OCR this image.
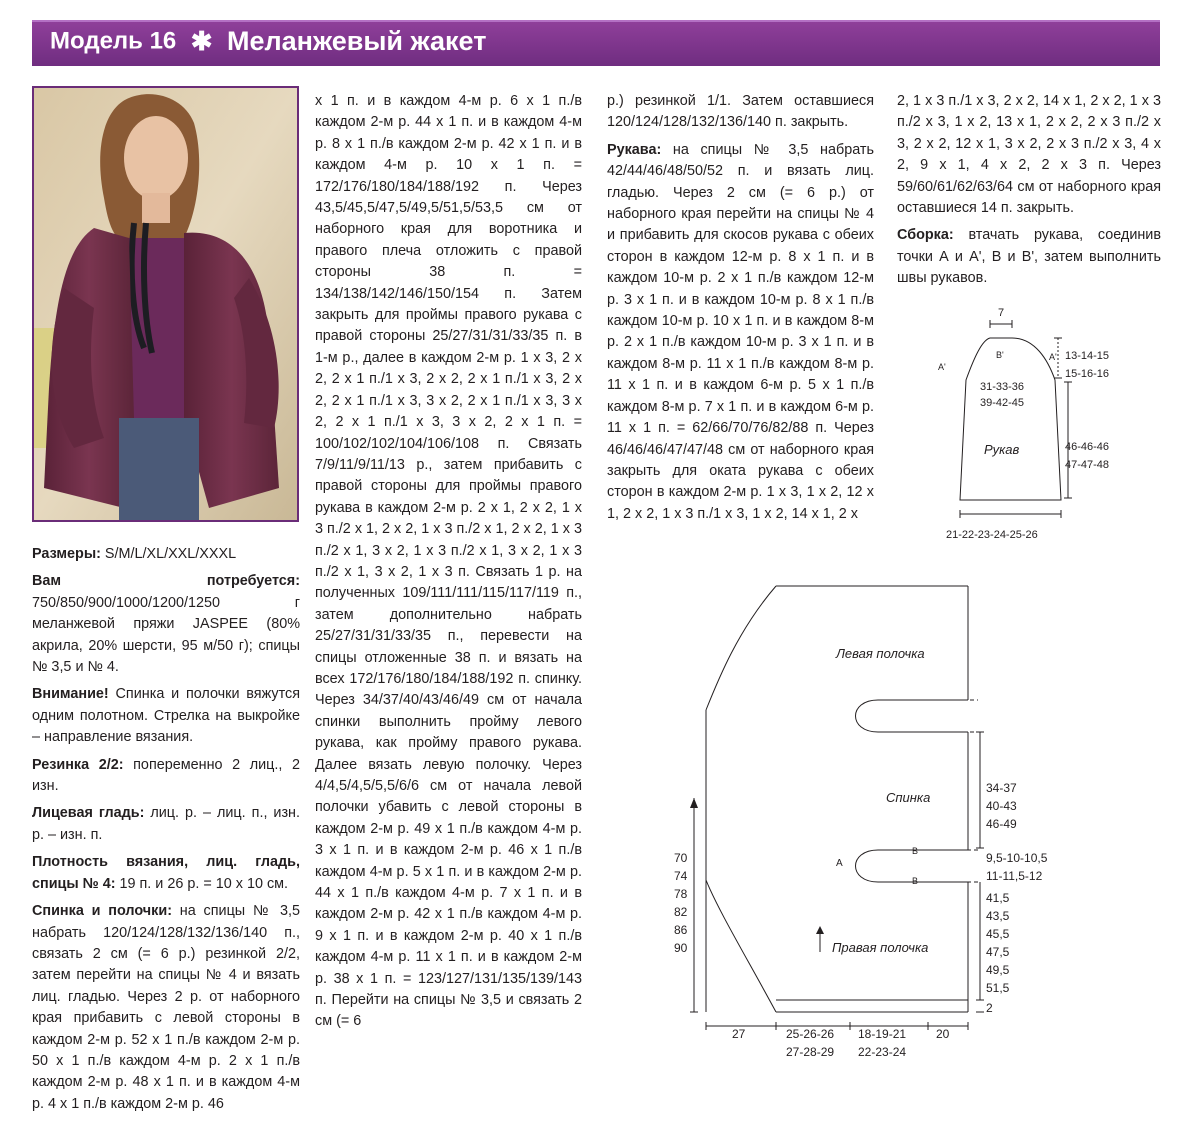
Модель 16 ✱ Меланжевый жакет

Размеры: S/M/L/XL/XXL/XXXL

Вам потребуется: 750/850/900/1000/1200/1250 г меланжевой пряжи JASPEE (80% акрила, 20% шерсти, 95 м/50 г); спицы № 3,5 и № 4.

Внимание! Спинка и полочки вяжутся одним полотном. Стрелка на выкройке – направление вязания.

Резинка 2/2: попеременно 2 лиц., 2 изн.

Лицевая гладь: лиц. р. – лиц. п., изн. р. – изн. п.

Плотность вязания, лиц. гладь, спицы № 4: 19 п. и 26 р. = 10 х 10 см.

Спинка и полочки: на спицы № 3,5 набрать 120/124/128/132/136/140 п., связать 2 см (= 6 р.) резинкой 2/2, затем перейти на спицы № 4 и вязать лиц. гладью. Через 2 р. от наборного края прибавить с левой стороны в каждом 2-м р. 52 х 1 п./в каждом 2-м р. 50 х 1 п./в каждом 4-м р. 2 х 1 п./в каждом 2-м р. 48 х 1 п. и в каждом 4-м р. 4 х 1 п./в каждом 2-м р. 46

х 1 п. и в каждом 4-м р. 6 х 1 п./в каждом 2-м р. 44 х 1 п. и в каждом 4-м р. 8 х 1 п./в каждом 2-м р. 42 х 1 п. и в каждом 4-м р. 10 х 1 п. = 172/176/180/184/188/192 п. Через 43,5/45,5/47,5/49,5/51,5/53,5 см от наборного края для воротника и правого плеча отложить с правой стороны 38 п. = 134/138/142/146/150/154 п. Затем закрыть для проймы правого рукава с правой стороны 25/27/31/31/33/35 п. в 1-м р., далее в каждом 2-м р. 1 х 3, 2 х 2, 2 х 1 п./1 х 3, 2 х 2, 2 х 1 п./1 х 3, 2 х 2, 2 х 1 п./1 х 3, 3 х 2, 2 х 1 п./1 х 3, 3 х 2, 2 х 1 п./1 х 3, 3 х 2, 2 х 1 п. = 100/102/102/104/106/108 п. Связать 7/9/11/9/11/13 р., затем прибавить с правой стороны для проймы правого рукава в каждом 2-м р. 2 х 1, 2 х 2, 1 х 3 п./2 х 1, 2 х 2, 1 х 3 п./2 х 1, 2 х 2, 1 х 3 п./2 х 1, 3 х 2, 1 х 3 п./2 х 1, 3 х 2, 1 х 3 п./2 х 1, 3 х 2, 1 х 3 п. Связать 1 р. на полученных 109/111/111/115/117/119 п., затем дополнительно набрать 25/27/31/31/33/35 п., перевести на спицы отложенные 38 п. и вязать на всех 172/176/180/184/188/192 п. спинку. Через 34/37/40/43/46/49 см от начала спинки выполнить пройму левого рукава, как пройму правого рукава. Далее вязать левую полочку. Через 4/4,5/4,5/5,5/6/6 см от начала левой полочки убавить с левой стороны в каждом 2-м р. 49 х 1 п./в каждом 4-м р. 3 х 1 п. и в каждом 2-м р. 46 х 1 п./в каждом 4-м р. 5 х 1 п. и в каждом 2-м р. 44 х 1 п./в каждом 4-м р. 7 х 1 п. и в каждом 2-м р. 42 х 1 п./в каждом 4-м р. 9 х 1 п. и в каждом 2-м р. 40 х 1 п./в каждом 4-м р. 11 х 1 п. и в каждом 2-м р. 38 х 1 п. = 123/127/131/135/139/143 п. Перейти на спицы № 3,5 и связать 2 см (= 6

р.) резинкой 1/1. Затем оставшиеся 120/124/128/132/136/140 п. закрыть.

Рукава: на спицы № 3,5 набрать 42/44/46/48/50/52 п. и вязать лиц. гладью. Через 2 см (= 6 р.) от наборного края перейти на спицы № 4 и прибавить для скосов рукава с обеих сторон в каждом 12-м р. 8 х 1 п. и в каждом 10-м р. 2 х 1 п./в каждом 12-м р. 3 х 1 п. и в каждом 10-м р. 8 х 1 п./в каждом 10-м р. 10 х 1 п. и в каждом 8-м р. 2 х 1 п./в каждом 10-м р. 3 х 1 п. и в каждом 8-м р. 11 х 1 п./в каждом 8-м р. 11 х 1 п. и в каждом 6-м р. 5 х 1 п./в каждом 8-м р. 7 х 1 п. и в каждом 6-м р. 11 х 1 п. = 62/66/70/76/82/88 п. Через 46/46/46/47/47/48 см от наборного края закрыть для оката рукава с обеих сторон в каждом 2-м р. 1 х 3, 1 х 2, 12 х 1, 2 х 2, 1 х 3 п./1 х 3, 1 х 2, 14 х 1, 2 х

2, 1 х 3 п./1 х 3, 2 х 2, 14 х 1, 2 х 2, 1 х 3 п./2 х 3, 1 х 2, 13 х 1, 2 х 2, 2 х 3 п./2 х 3, 2 х 2, 12 х 1, 3 х 2, 2 х 3 п./2 х 3, 4 х 2, 9 х 1, 4 х 2, 2 х 3 п. Через 59/60/61/62/63/64 см от наборного края оставшиеся 14 п. закрыть.

Сборка: втачать рукава, соединив точки А и А', В и В', затем выполнить швы рукавов.

7
A'
A'
B'
31-33-36
39-42-45
Рукав
13-14-15
15-16-16
46-46-46
47-47-48
21-22-23-24-25-26
Левая полочка
Спинка
Правая полочка
A
B
B
70
74
78
82
86
90
34-37
40-43
46-49
9,5-10-10,5
11-11,5-12
41,5
43,5
45,5
47,5
49,5
51,5
2
27	25-26-26
27-28-29
18-19-21
22-23-24
20
